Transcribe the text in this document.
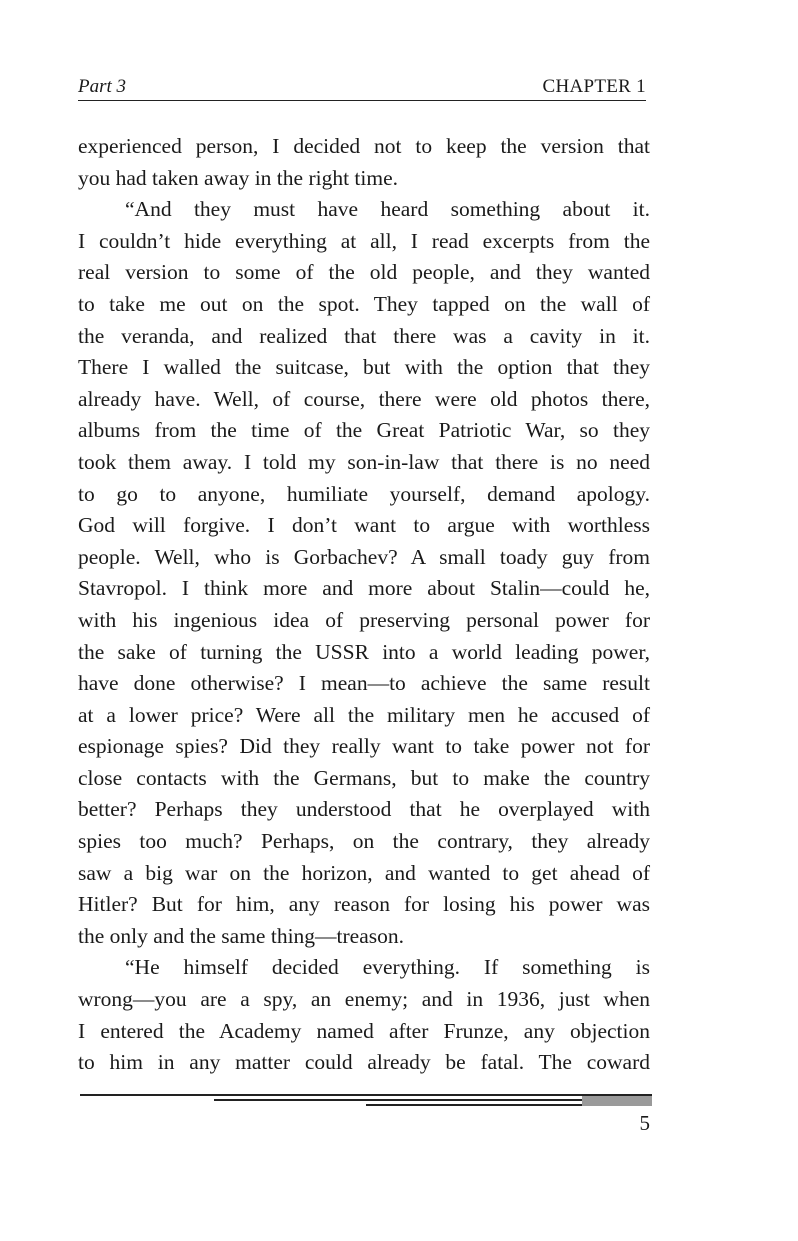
Part 3	CHAPTER 1
experienced person, I decided not to keep the version that
you had taken away in the right time.
“And they must have heard something about it.
I couldn’t hide everything at all, I read excerpts from the
real version to some of the old people, and they wanted
to take me out on the spot. They tapped on the wall of
the veranda, and realized that there was a cavity in it.
There I walled the suitcase, but with the option that they
already have. Well, of course, there were old photos there,
albums from the time of the Great Patriotic War, so they
took them away. I told my son-in-law that there is no need
to go to anyone, humiliate yourself, demand apology.
God will forgive. I don’t want to argue with worthless
people. Well, who is Gorbachev? A small toady guy from
Stavropol. I think more and more about Stalin—could he,
with his ingenious idea of preserving personal power for
the sake of turning the USSR into a world leading power,
have done otherwise? I mean—to achieve the same result
at a lower price? Were all the military men he accused of
espionage spies? Did they really want to take power not for
close contacts with the Germans, but to make the country
better? Perhaps they understood that he overplayed with
spies too much? Perhaps, on the contrary, they already
saw a big war on the horizon, and wanted to get ahead of
Hitler? But for him, any reason for losing his power was
the only and the same thing—treason.
“He himself decided everything. If something is
wrong—you are a spy, an enemy; and in 1936, just when
I entered the Academy named after Frunze, any objection
to him in any matter could already be fatal. The coward
5
